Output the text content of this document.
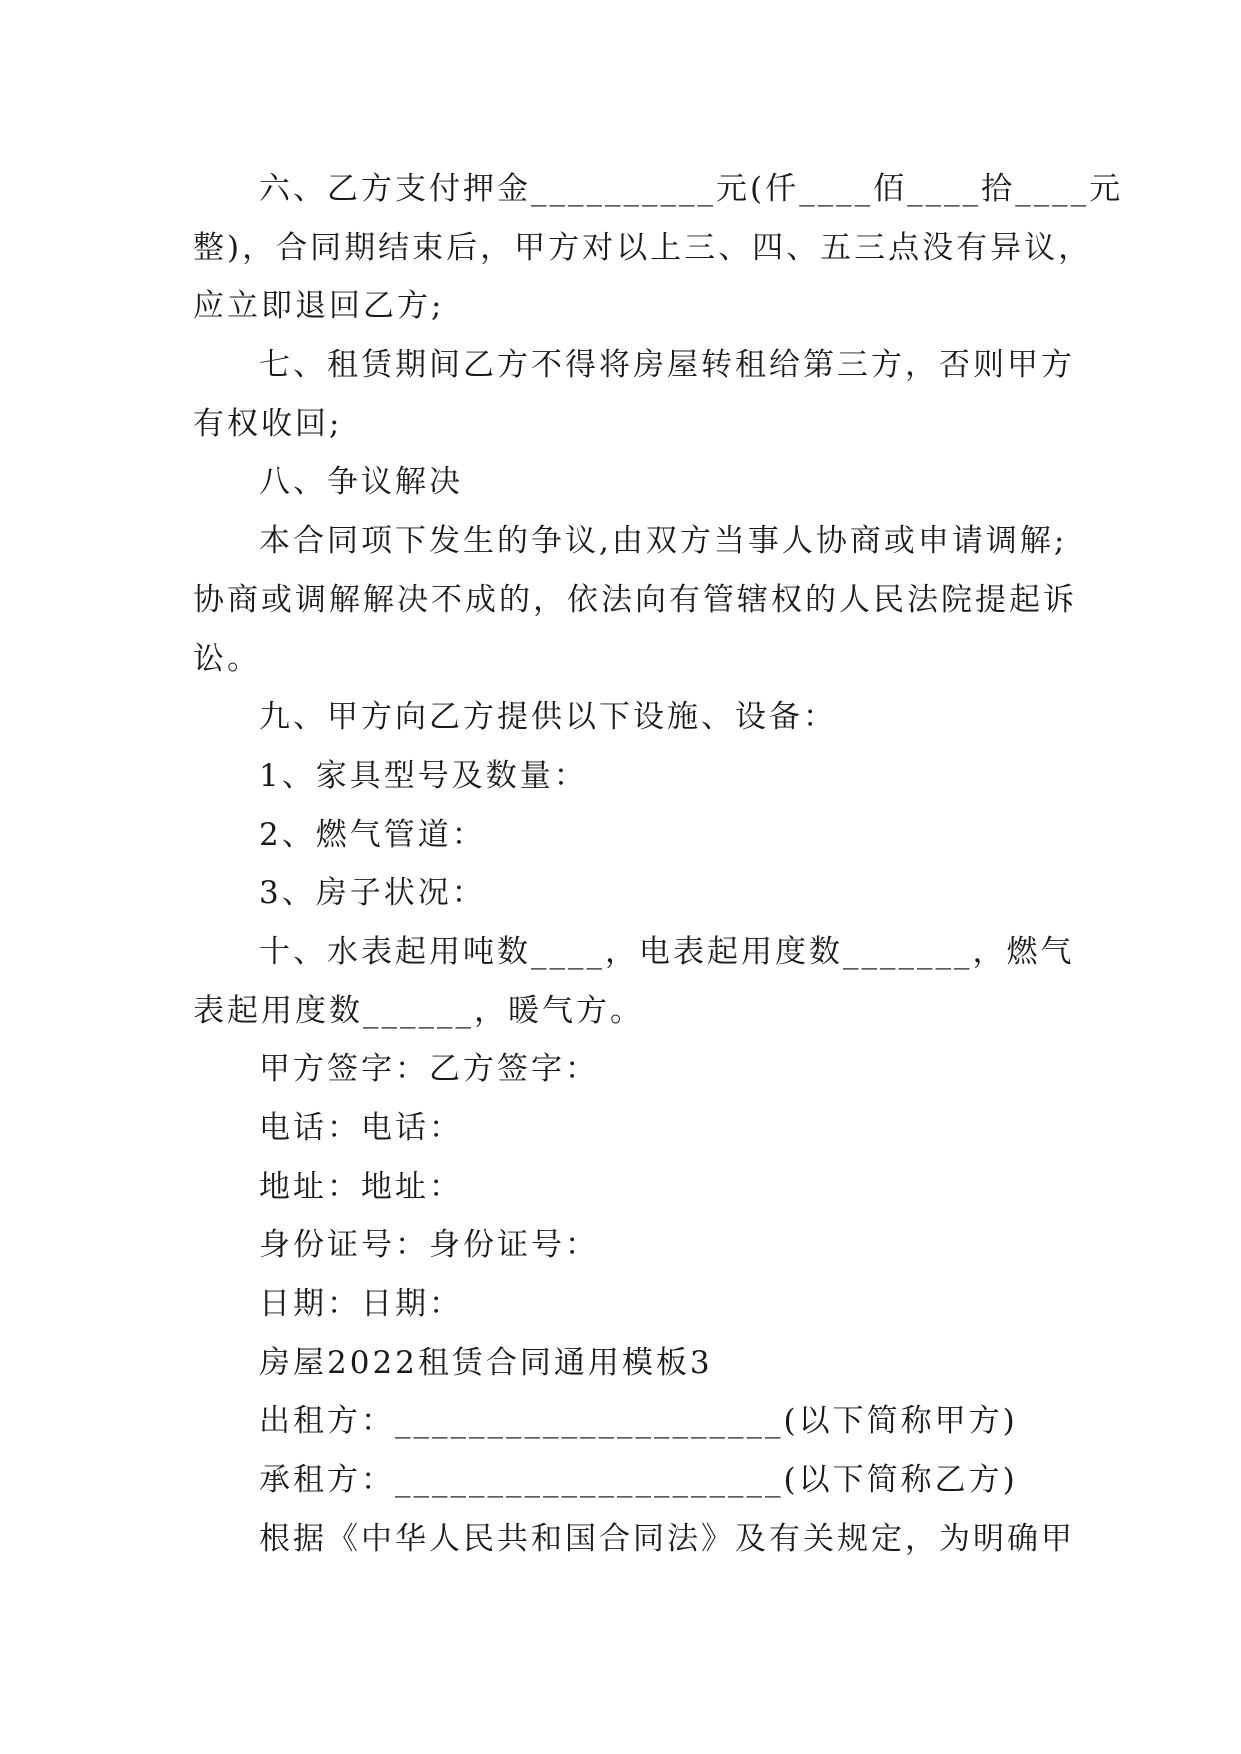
六、乙方支付押金__________元(仟____佰____拾____元
整)，合同期结束后，甲方对以上三、四、五三点没有异议，
应立即退回乙方;
七、租赁期间乙方不得将房屋转租给第三方，否则甲方
有权收回;
八、争议解决
本合同项下发生的争议,由双方当事人协商或申请调解;
协商或调解解决不成的，依法向有管辖权的人民法院提起诉
讼。
九、甲方向乙方提供以下设施、设备：
1、家具型号及数量：
2、燃气管道：
3、房子状况：
十、水表起用吨数____，电表起用度数_______，燃气
表起用度数______，暖气方。
甲方签字：乙方签字：
电话：电话：
地址：地址：
身份证号：身份证号：
日期：日期：
房屋2022租赁合同通用模板3
出租方：_____________________(以下简称甲方)
承租方：_____________________(以下简称乙方)
根据《中华人民共和国合同法》及有关规定，为明确甲
